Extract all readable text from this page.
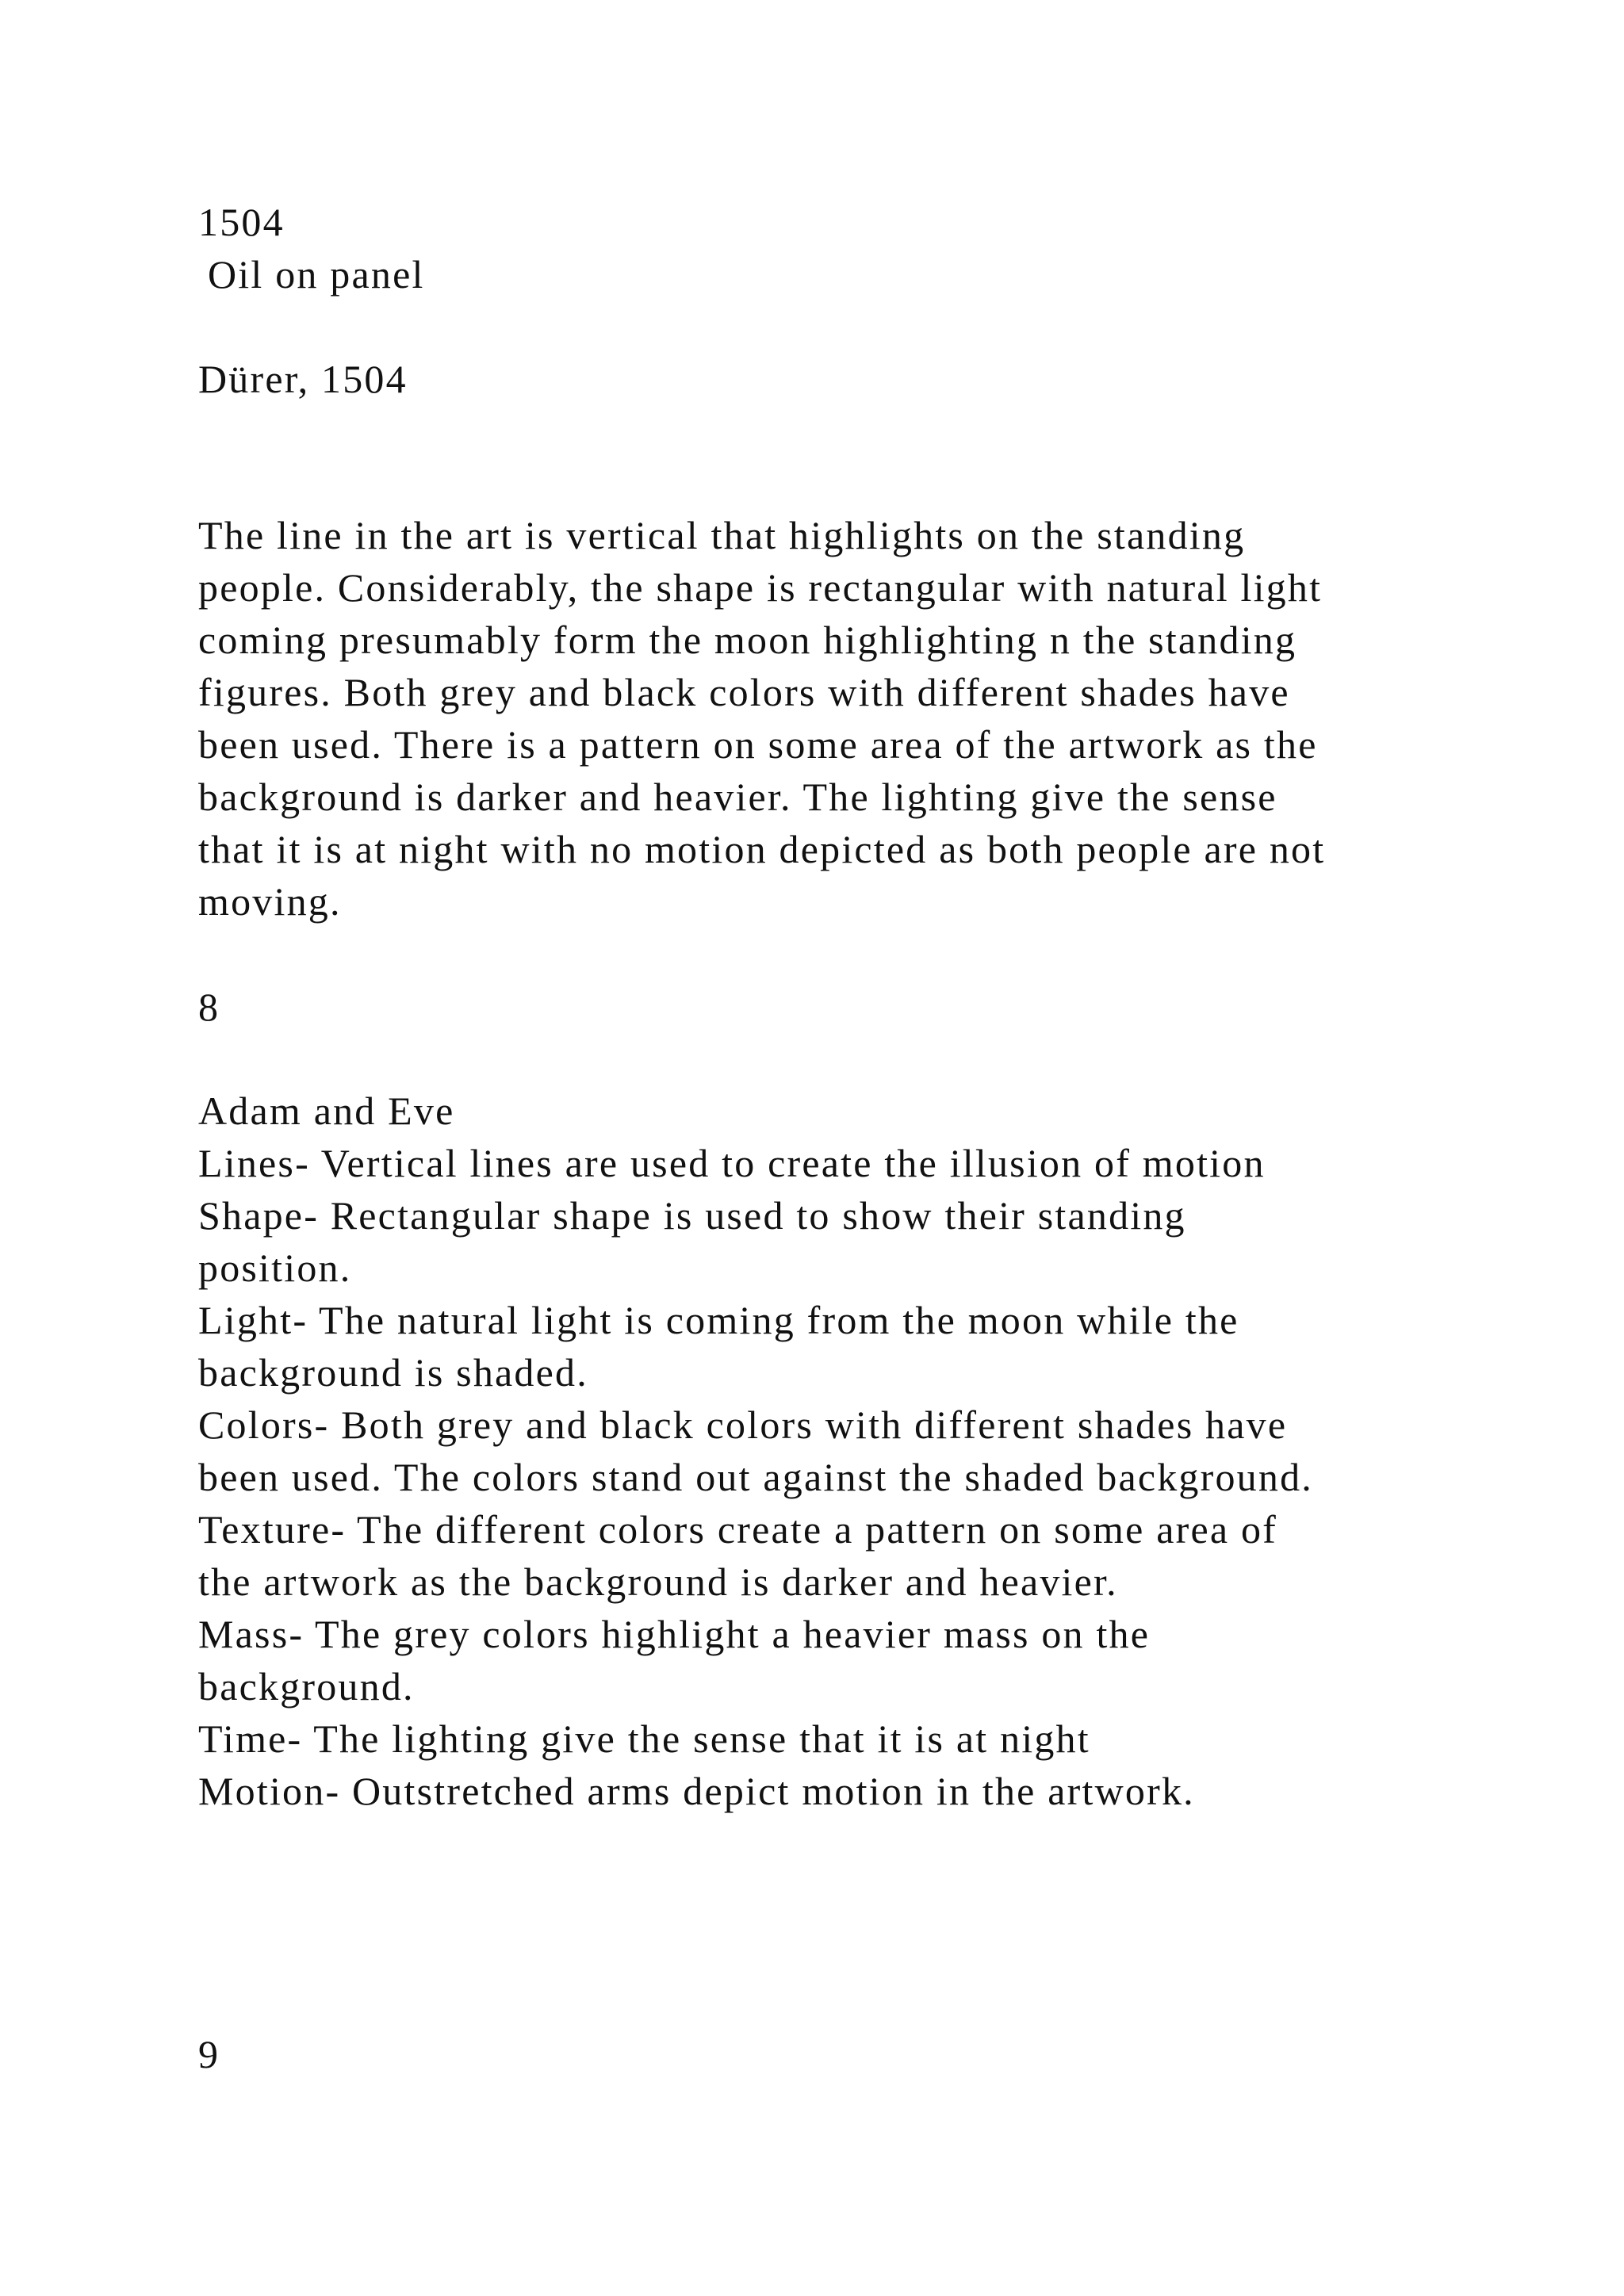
1504

Oil on panel

Dürer, 1504

The line in the art is vertical that highlights on the standing
people. Considerably, the shape is rectangular with natural light
coming presumably form the moon highlighting n the standing
figures. Both grey and black colors with different shades have
been used. There is a pattern on some area of the artwork as the
background is darker and heavier. The lighting give the sense
that it is at night with no motion depicted as both people are not
moving.

8

Adam and Eve
Lines- Vertical lines are used to create the illusion of motion
Shape- Rectangular shape is used to show their standing
position.
Light- The natural light is coming from the moon while the
background is shaded.
Colors- Both grey and black colors with different shades have
been used. The colors stand out against the shaded background.
Texture- The different colors create a pattern on some area of
the artwork as the background is darker and heavier.
Mass- The grey colors highlight a heavier mass on the
background.
Time- The lighting give the sense that it is at night
Motion- Outstretched arms depict motion in the artwork.

9
